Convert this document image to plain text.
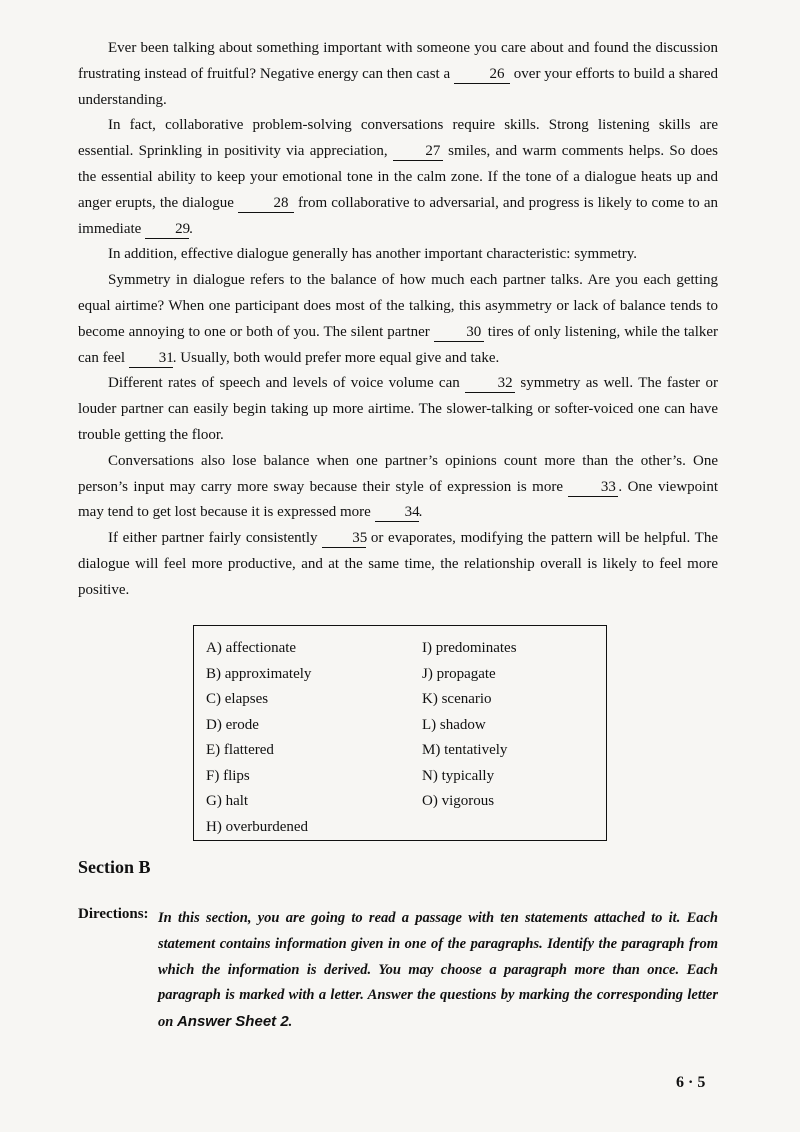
Ever been talking about something important with someone you care about and found the discussion frustrating instead of fruitful? Negative energy can then cast a 26 over your efforts to build a shared understanding.

In fact, collaborative problem-solving conversations require skills. Strong listening skills are essential. Sprinkling in positivity via appreciation, 27 smiles, and warm comments helps. So does the essential ability to keep your emotional tone in the calm zone. If the tone of a dialogue heats up and anger erupts, the dialogue 28 from collaborative to adversarial, and progress is likely to come to an immediate 29.

In addition, effective dialogue generally has another important characteristic: symmetry.

Symmetry in dialogue refers to the balance of how much each partner talks. Are you each getting equal airtime? When one participant does most of the talking, this asymmetry or lack of balance tends to become annoying to one or both of you. The silent partner 30 tires of only listening, while the talker can feel 31. Usually, both would prefer more equal give and take.

Different rates of speech and levels of voice volume can 32 symmetry as well. The faster or louder partner can easily begin taking up more airtime. The slower-talking or softer-voiced one can have trouble getting the floor.

Conversations also lose balance when one partner’s opinions count more than the other’s. One person’s input may carry more sway because their style of expression is more 33 . One viewpoint may tend to get lost because it is expressed more 34.

If either partner fairly consistently 35 or evaporates, modifying the pattern will be helpful. The dialogue will feel more productive, and at the same time, the relationship overall is likely to feel more positive.

A) affectionate
B) approximately
C) elapses
D) erode
E) flattered
F) flips
G) halt
H) overburdened
I) predominates
J) propagate
K) scenario
L) shadow
M) tentatively
N) typically
O) vigorous
Section B
Directions: In this section, you are going to read a passage with ten statements attached to it. Each statement contains information given in one of the paragraphs. Identify the paragraph from which the information is derived. You may choose a paragraph more than once. Each paragraph is marked with a letter. Answer the questions by marking the corresponding letter on Answer Sheet 2.
6 · 5
